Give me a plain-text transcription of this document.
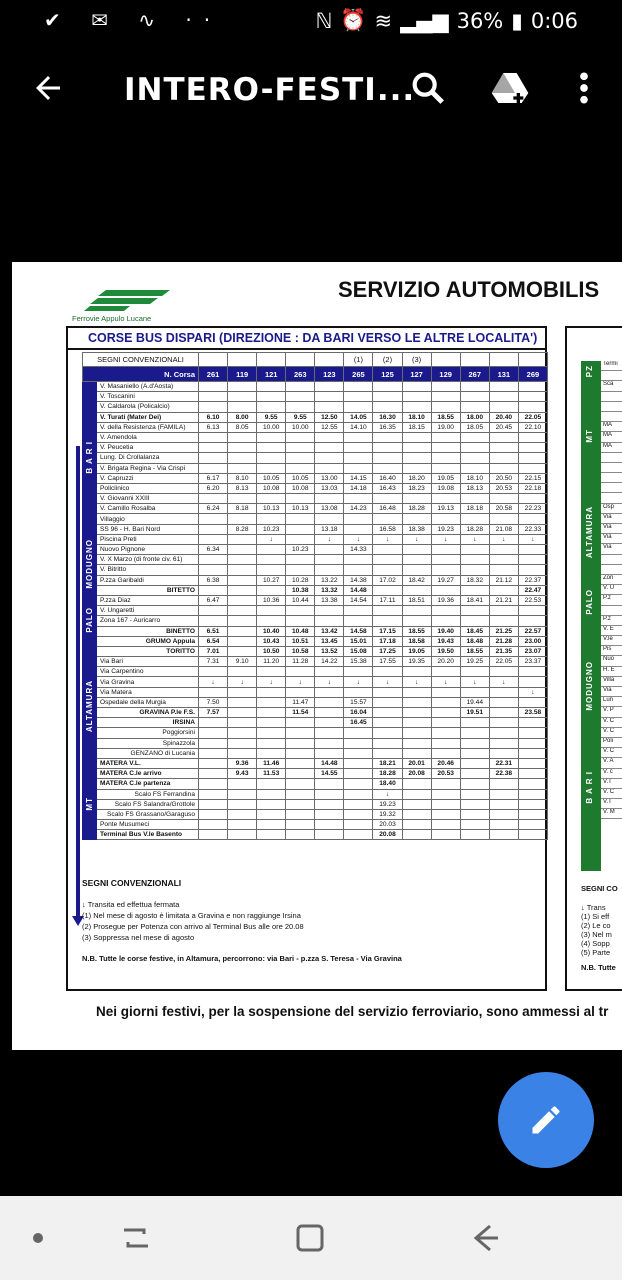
✔ ✉ ∿ ··	ℕ ⏰ ≋ ▂▄▆ 36% ▮ 0:06
INTERO-FESTI...
Ferrovie Appulo Lucane
SERVIZIO AUTOMOBILIS
CORSE BUS DISPARI (DIREZIONE : DA BARI VERSO LE ALTRE LOCALITA')
SEGNI CONVENZIONALI							(1)	(2)	(3)				
N. Corsa		261	119	121	263	123	265	125	127	129	267	131	269
B A R I	V. Masaniello (A.d'Aosta)												
	V. Toscanini												
	V. Caldarola (Policalcio)												
	V. Turati (Mater Dei)	6.10	8.00	9.55	9.55	12.50	14.05	16.30	18.10	18.55	18.00	20.40	22.05
	V. della Resistenza (FAMILA)	6.13	8.05	10.00	10.00	12.55	14.10	16.35	18.15	19.00	18.05	20.45	22.10
	V. Amendola												
	V. Peucetia												
	Lung. Di Crollalanza												
	V. Brigata Regina - Via Crispi												
	V. Capruzzi	6.17	8.10	10.05	10.05	13.00	14.15	16.40	18.20	19.05	18.10	20.50	22.15
	Policlinico	6.20	8.13	10.08	10.08	13.03	14.18	16.43	18.23	19.08	18.13	20.53	22.18
	V. Giovanni XXIII												
	V. Camillo Rosalba	6.24	8.18	10.13	10.13	13.08	14.23	16.48	18.28	19.13	18.18	20.58	22.23
	Villaggio												
	SS 96 - H. Bari Nord		8.28	10.23		13.18		16.58	18.38	19.23	18.28	21.08	22.33
MODUGNO	Piscina Preti			↓		↓	↓	↓	↓	↓	↓	↓	↓
	Nuovo Pignone	6.34			10.23		14.33						
	V. X Marzo (di fronte civ. 61)												
	V. Bitritto												
	P.zza Garibaldi	6.38		10.27	10.28	13.22	14.38	17.02	18.42	19.27	18.32	21.12	22.37
	BITETTO				10.38	13.32	14.48						22.47
	P.zza Diaz	6.47		10.36	10.44	13.38	14.54	17.11	18.51	19.36	18.41	21.21	22.53
PALO	V. Ungaretti												
	Zona 167 - Auricarro												
	BINETTO	6.51		10.40	10.48	13.42	14.58	17.15	18.55	19.40	18.45	21.25	22.57
	GRUMO Appula	6.54		10.43	10.51	13.45	15.01	17.18	18.58	19.43	18.48	21.28	23.00
	TORITTO	7.01		10.50	10.58	13.52	15.08	17.25	19.05	19.50	18.55	21.35	23.07
	Via Bari	7.31	9.10	11.20	11.28	14.22	15.38	17.55	19.35	20.20	19.25	22.05	23.37
	Via Carpentino												
ALTAMURA	Via Gravina	↓	↓	↓	↓	↓	↓	↓	↓	↓	↓	↓	
	Via Matera												↓
	Ospedale della Murgia	7.50			11.47		15.57				19.44		
	GRAVINA P.le F.S.	7.57			11.54		16.04				19.51		23.58
	IRSINA						16.45						
	Poggiorsini												
	Spinazzola												
	GENZANO di Lucania												
	MATERA V.L.		9.36	11.46		14.48		18.21	20.01	20.46		22.31	
	MATERA C.le arrivo		9.43	11.53		14.55		18.28	20.08	20.53		22.38	
	MATERA C.le partenza							18.40					
MT	Scalo FS Ferrandina							↓					
	Scalo FS Salandra/Grottole							19.23					
	Scalo FS Grassano/Garaguso							19.32					
	Ponte Musumeci							20.03					
	Terminal Bus V.le Basento							20.08					
SEGNI CONVENZIONALI
↓ Transita ed effettua fermata
(1) Nel mese di agosto è limitata a Gravina e non raggiunge Irsina
(2) Prosegue per Potenza con arrivo al Terminal Bus alle ore 20.08
(3) Soppressa nel mese di agosto
N.B. Tutte le corse festive, in Altamura, percorrono: via Bari - p.zza S. Teresa - Via Gravina
PZ
MT
ALTAMURA
PALO
MODUGNO
B A R I
Termi
Sca
MA
MA
MA
Osp
Via
Via
Via
Via
Zon
V. U
P.z
P.z
V. E
V.le
Pis
Nuo
H. E
Villa
Via
Lun
V. P
V. C
V. C
Poli
V. C
V. A
V. c
V.T
V. C
V.T
V. M
SEGNI CO
↓ Trans
(1) Si eff
(2) Le co
(3) Nel m
(4) Sopp
(5) Parte
N.B. Tutte
Nei giorni festivi, per la sospensione del servizio ferroviario, sono ammessi al tr
